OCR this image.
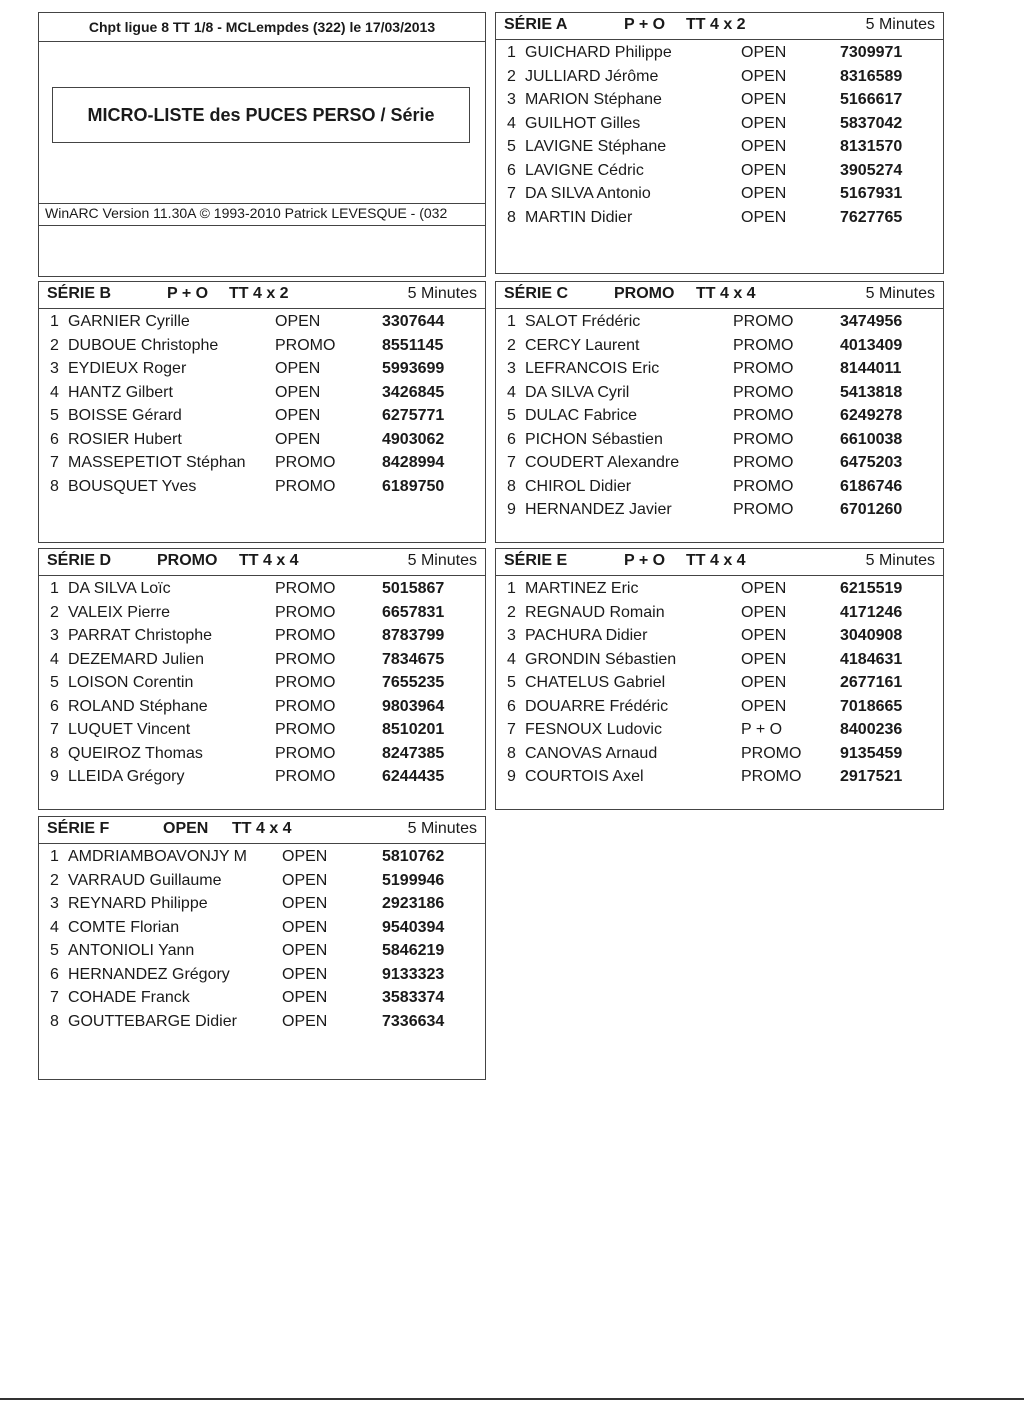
Chpt ligue 8 TT 1/8 - MCLempdes (322) le 17/03/2013
MICRO-LISTE des PUCES PERSO / Série
WinARC Version 11.30A © 1993-2010 Patrick LEVESQUE - (032
SÉRIE A	P + O TT 4 x 2	5 Minutes
1 GUICHARD Philippe	OPEN	7309971
2 JULLIARD Jérôme	OPEN	8316589
3 MARION Stéphane	OPEN	5166617
4 GUILHOT Gilles	OPEN	5837042
5 LAVIGNE Stéphane	OPEN	8131570
6 LAVIGNE Cédric	OPEN	3905274
7 DA SILVA Antonio	OPEN	5167931
8 MARTIN Didier	OPEN	7627765
SÉRIE B	P + O TT 4 x 2	5 Minutes
1 GARNIER Cyrille	OPEN	3307644
2 DUBOUE Christophe	PROMO	8551145
3 EYDIEUX Roger	OPEN	5993699
4 HANTZ Gilbert	OPEN	3426845
5 BOISSE Gérard	OPEN	6275771
6 ROSIER Hubert	OPEN	4903062
7 MASSEPETIOT Stéphan PROMO	8428994
8 BOUSQUET Yves	PROMO	6189750
SÉRIE C	PROMO TT 4 x 4	5 Minutes
1 SALOT Frédéric	PROMO	3474956
2 CERCY Laurent	PROMO	4013409
3 LEFRANCOIS Eric	PROMO	8144011
4 DA SILVA Cyril	PROMO	5413818
5 DULAC Fabrice	PROMO	6249278
6 PICHON Sébastien	PROMO	6610038
7 COUDERT Alexandre	PROMO	6475203
8 CHIROL Didier	PROMO	6186746
9 HERNANDEZ Javier	PROMO	6701260
SÉRIE D	PROMO TT 4 x 4	5 Minutes
1 DA SILVA Loïc	PROMO	5015867
2 VALEIX Pierre	PROMO	6657831
3 PARRAT Christophe	PROMO	8783799
4 DEZEMARD Julien	PROMO	7834675
5 LOISON Corentin	PROMO	7655235
6 ROLAND Stéphane	PROMO	9803964
7 LUQUET Vincent	PROMO	8510201
8 QUEIROZ Thomas	PROMO	8247385
9 LLEIDA Grégory	PROMO	6244435
SÉRIE E	P + O TT 4 x 4	5 Minutes
1 MARTINEZ Eric	OPEN	6215519
2 REGNAUD Romain	OPEN	4171246
3 PACHURA Didier	OPEN	3040908
4 GRONDIN Sébastien	OPEN	4184631
5 CHATELUS Gabriel	OPEN	2677161
6 DOUARRE Frédéric	OPEN	7018665
7 FESNOUX Ludovic	P + O	8400236
8 CANOVAS Arnaud	PROMO 9135459
9 COURTOIS Axel	PROMO 2917521
SÉRIE F	OPEN TT 4 x 4	5 Minutes
1 AMDRIAMBOAVONJY M OPEN	5810762
2 VARRAUD Guillaume	OPEN	5199946
3 REYNARD Philippe	OPEN	2923186
4 COMTE Florian	OPEN	9540394
5 ANTONIOLI Yann	OPEN	5846219
6 HERNANDEZ Grégory	OPEN	9133323
7 COHADE Franck	OPEN	3583374
8 GOUTTEBARGE Didier	OPEN	7336634
